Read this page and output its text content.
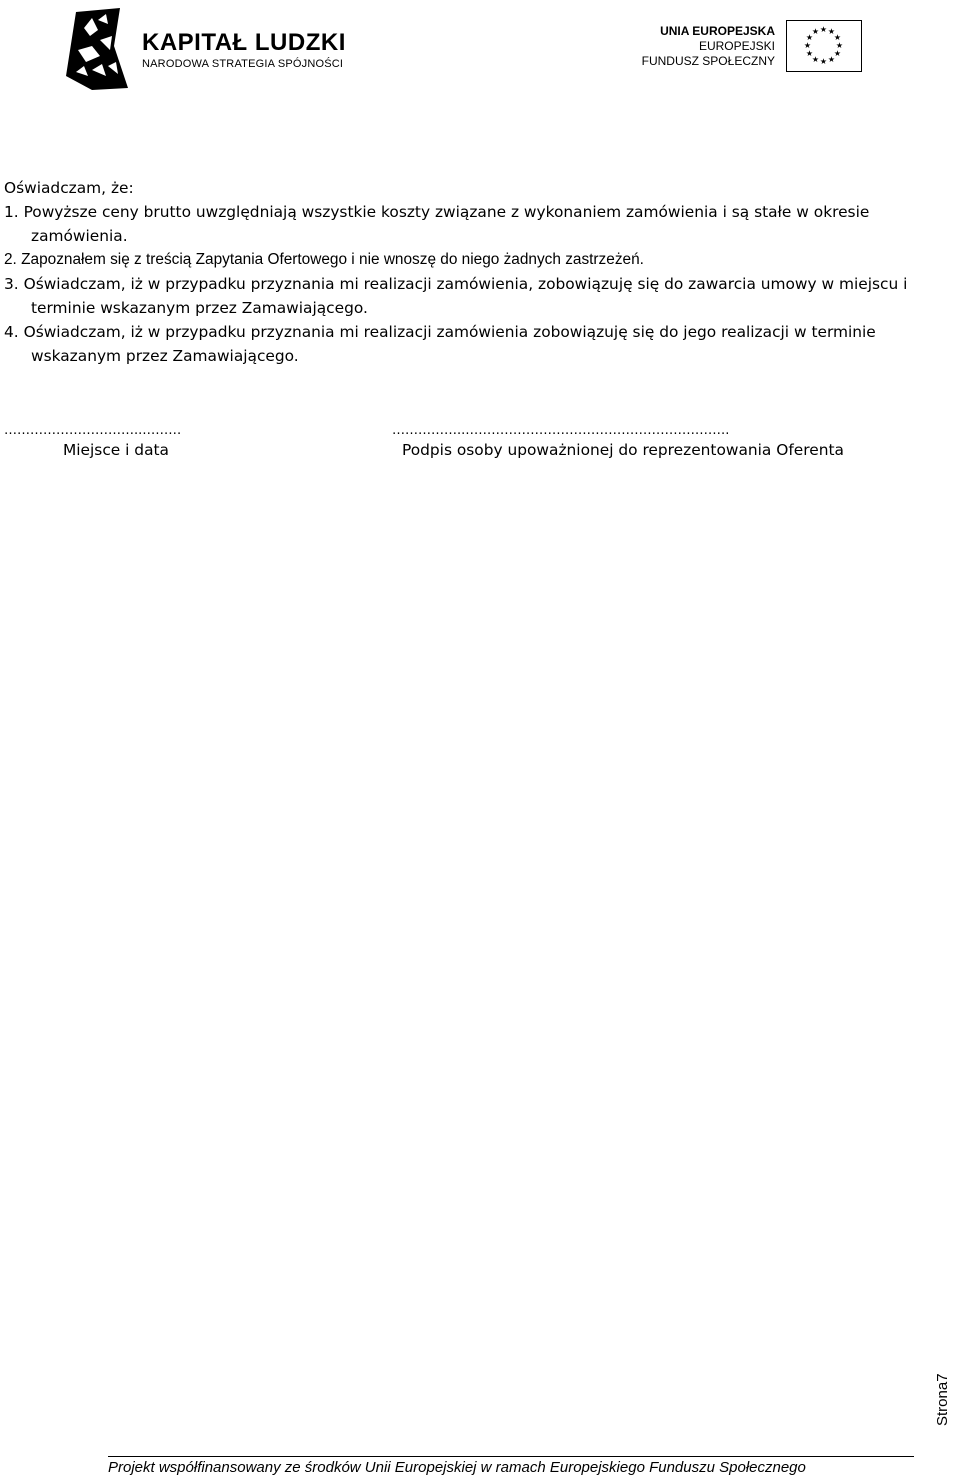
KAPITAŁ LUDZKI
NARODOWA STRATEGIA SPÓJNOŚCI
UNIA EUROPEJSKA
EUROPEJSKI
FUNDUSZ SPOŁECZNY
★ ★
★
★
★
★
★
★
★
★
★
★

Oświadczam, że:

1. Powyższe ceny brutto uwzględniają wszystkie koszty związane z wykonaniem zamówienia i są stałe w okresie
zamówienia.

2. Zapoznałem się z treścią Zapytania Ofertowego i nie wnoszę do niego żadnych zastrzeżeń.

3. Oświadczam, iż w przypadku przyznania mi realizacji zamówienia, zobowiązuję się do zawarcia umowy w miejscu i
terminie wskazanym przez Zamawiającego.

4. Oświadczam, iż w przypadku przyznania mi realizacji zamówienia zobowiązuję się do jego realizacji w terminie
wskazanym przez Zamawiającego.

…………………………..………
Miejsce i data
……………..…………………………………………………….
Podpis osoby upoważnionej do reprezentowania Oferenta
Strona7
Projekt współfinansowany ze środków Unii Europejskiej w ramach Europejskiego Funduszu Społecznego
